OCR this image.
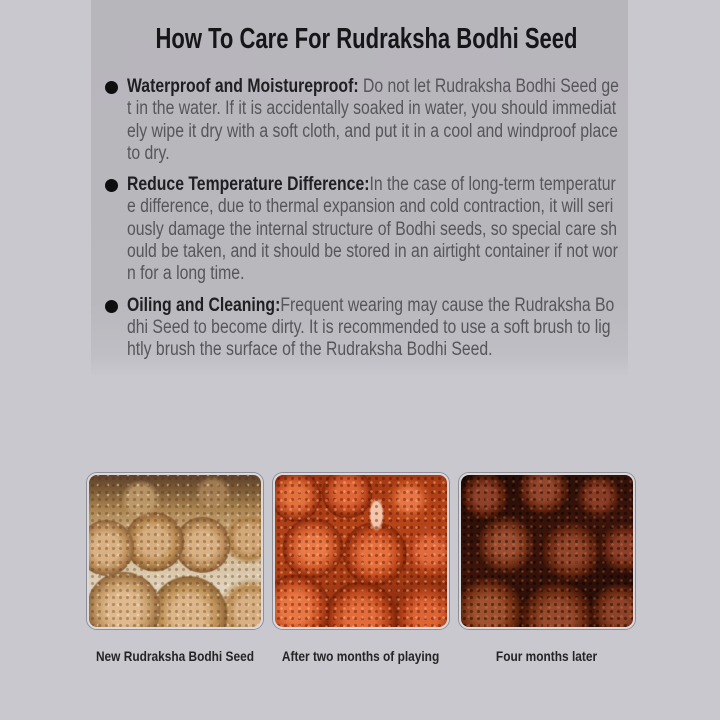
How To Care For Rudraksha Bodhi Seed

Waterproof and Moistureproof: Do not let Rudraksha Bodhi Seed get in the water. If it is accidentally soaked in water, you should immediately wipe it dry with a soft cloth, and put it in a cool and windproof place to dry.

Reduce Temperature Difference:In the case of long-term temperature difference, due to thermal expansion and cold contraction, it will seriously damage the internal structure of Bodhi seeds, so special care should be taken, and it should be stored in an airtight container if not worn for a long time.

Oiling and Cleaning:Frequent wearing may cause the Rudraksha Bodhi Seed to become dirty. It is recommended to use a soft brush to lightly brush the surface of the Rudraksha Bodhi Seed.

New Rudraksha Bodhi Seed After two months of playing	Four months later
